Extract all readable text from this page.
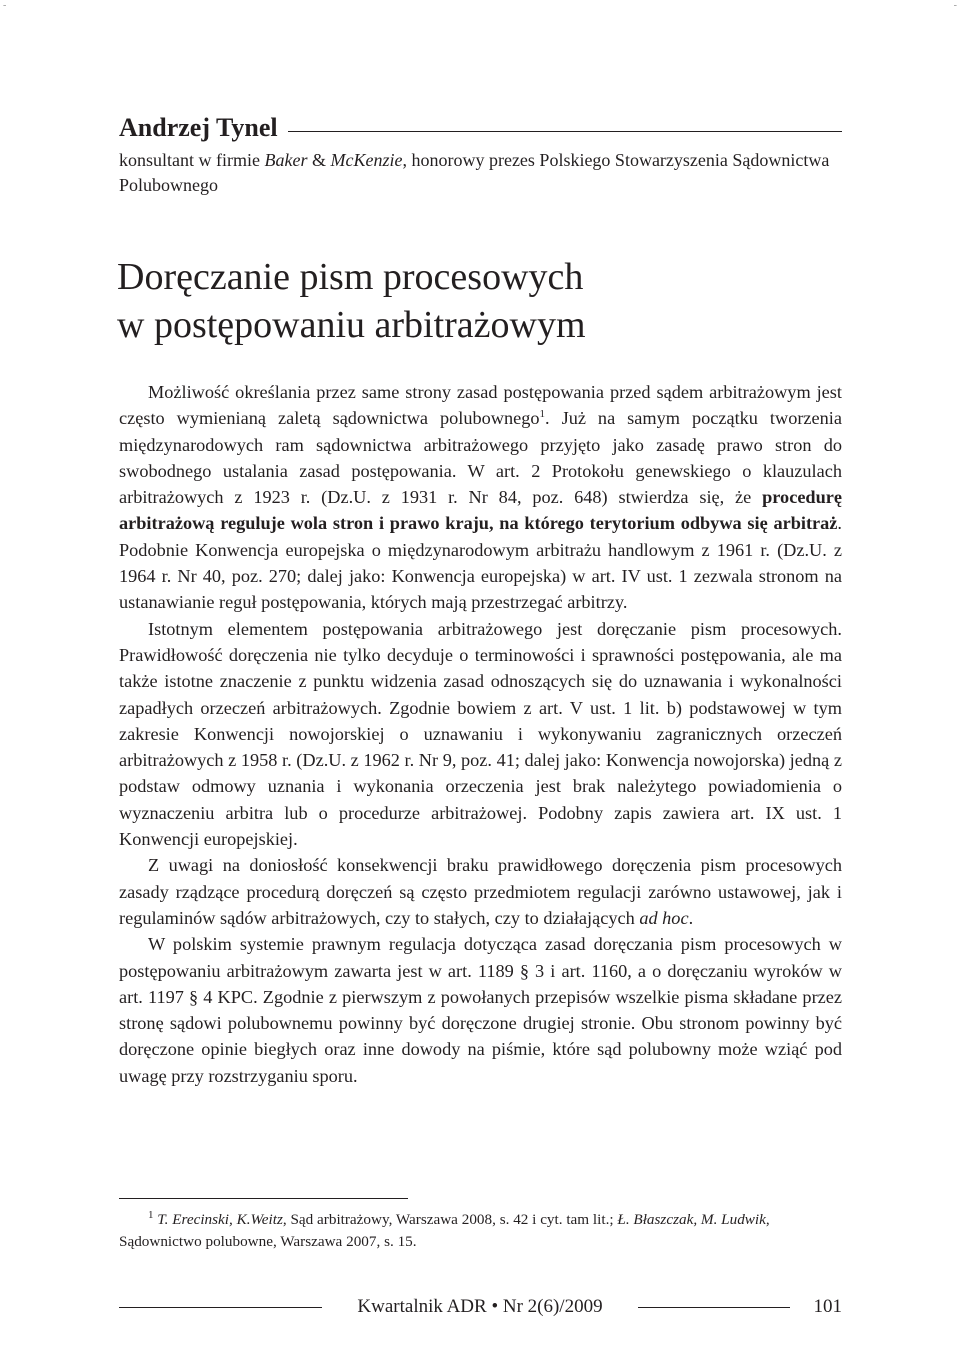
-	-
Andrzej Tynel
konsultant w firmie Baker & McKenzie, honorowy prezes Polskiego Stowarzyszenia Sądownictwa Polubownego
Doręczanie pism procesowych
w postępowaniu arbitrażowym

Możliwość określania przez same strony zasad postępowania przed sądem arbitrażowym jest często wymienianą zaletą sądownictwa polubownego$^1$. Już na samym początku tworzenia międzynarodowych ram sądownictwa arbitrażowego przyjęto jako zasadę prawo stron do swobodnego ustalania zasad postępowania. W art. 2 Protokołu genewskiego o klauzulach arbitrażowych z 1923 r. (Dz.U. z 1931 r. Nr 84, poz. 648) stwierdza się, że procedurę arbitrażową reguluje wola stron i prawo kraju, na którego terytorium odbywa się arbitraż. Podobnie Konwencja europejska o międzynarodowym arbitrażu handlowym z 1961 r. (Dz.U. z 1964 r. Nr 40, poz. 270; dalej jako: Konwencja europejska) w art. IV ust. 1 zezwala stronom na ustanawianie reguł postępowania, których mają przestrzegać arbitrzy.

Istotnym elementem postępowania arbitrażowego jest doręczanie pism procesowych. Prawidłowość doręczenia nie tylko decyduje o terminowości i sprawności postępowania, ale ma także istotne znaczenie z punktu widzenia zasad odnoszących się do uznawania i wykonalności zapadłych orzeczeń arbitrażowych. Zgodnie bowiem z art. V ust. 1 lit. b) podstawowej w tym zakresie Konwencji nowojorskiej o uznawaniu i wykonywaniu zagranicznych orzeczeń arbitrażowych z 1958 r. (Dz.U. z 1962 r. Nr 9, poz. 41; dalej jako: Konwencja nowojorska) jedną z podstaw odmowy uznania i wykonania orzeczenia jest brak należytego powiadomienia o wyznaczeniu arbitra lub o procedurze arbitrażowej. Podobny zapis zawiera art. IX ust. 1 Konwencji europejskiej.

Z uwagi na doniosłość konsekwencji braku prawidłowego doręczenia pism procesowych zasady rządzące procedurą doręczeń są często przedmiotem regulacji zarówno ustawowej, jak i regulaminów sądów arbitrażowych, czy to stałych, czy to działających ad hoc.

W polskim systemie prawnym regulacja dotycząca zasad doręczania pism procesowych w postępowaniu arbitrażowym zawarta jest w art. 1189 § 3 i art. 1160, a o doręczaniu wyroków w art. 1197 § 4 KPC. Zgodnie z pierwszym z powołanych przepisów wszelkie pisma składane przez stronę sądowi polubownemu powinny być doręczone drugiej stronie. Obu stronom powinny być doręczone opinie biegłych oraz inne dowody na piśmie, które sąd polubowny może wziąć pod uwagę przy rozstrzyganiu sporu.

$^1$ T. Erecinski, K.Weitz, Sąd arbitrażowy, Warszawa 2008, s. 42 i cyt. tam lit.; Ł. Błaszczak, M. Ludwik, Sądownictwo polubowne, Warszawa 2007, s. 15.

Kwartalnik ADR • Nr 2(6)/2009	101
